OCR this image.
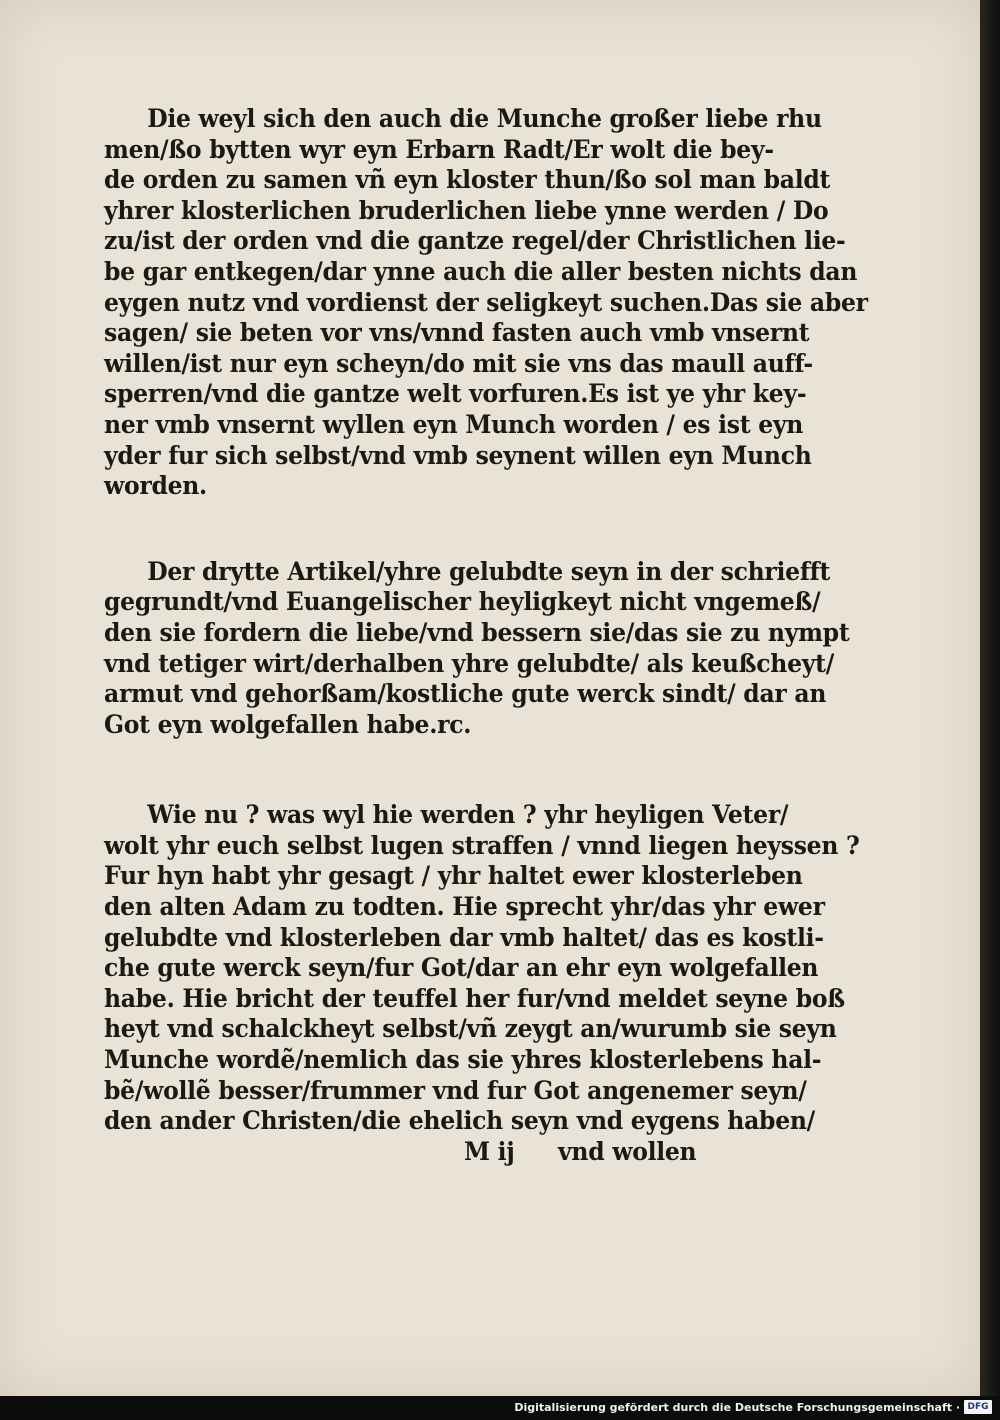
Die weyl sich den auch die Munche großer liebe rhu
men/ßo bytten wyr eyn Erbarn Radt/Er wolt die bey-
de orden zu samen vñ eyn kloster thun/ßo sol man baldt
yhrer klosterlichen bruderlichen liebe ynne werden / Do
zu/ist der orden vnd die gantze regel/der Christlichen lie-
be gar entkegen/dar ynne auch die aller besten nichts dan
eygen nutz vnd vordienst der seligkeyt suchen.Das sie aber
sagen/ sie beten vor vns/vnnd fasten auch vmb vnsernt
willen/ist nur eyn scheyn/do mit sie vns das maull auff-
sperren/vnd die gantze welt vorfuren.Es ist ye yhr key-
ner vmb vnsernt wyllen eyn Munch worden / es ist eyn
yder fur sich selbst/vnd vmb seynent willen eyn Munch
worden.
Der drytte Artikel/yhre gelubdte seyn in der schriefft
gegrundt/vnd Euangelischer heyligkeyt nicht vngemeß/
den sie fordern die liebe/vnd bessern sie/das sie zu nympt
vnd tetiger wirt/derhalben yhre gelubdte/ als keußcheyt/
armut vnd gehorßam/kostliche gute werck sindt/ dar an
Got eyn wolgefallen habe.rc.
Wie nu ? was wyl hie werden ? yhr heyligen Veter/
wolt yhr euch selbst lugen straffen / vnnd liegen heyssen ?
Fur hyn habt yhr gesagt / yhr haltet ewer klosterleben
den alten Adam zu todten. Hie sprecht yhr/das yhr ewer
gelubdte vnd klosterleben dar vmb haltet/ das es kostli-
che gute werck seyn/fur Got/dar an ehr eyn wolgefallen
habe. Hie bricht der teuffel her fur/vnd meldet seyne boß
heyt vnd schalckheyt selbst/vñ zeygt an/wurumb sie seyn
Munche wordẽ/nemlich das sie yhres klosterlebens hal-
bẽ/wollẽ besser/frummer vnd fur Got angenemer seyn/
den ander Christen/die ehelich seyn vnd eygens haben/
M ij vnd wollen
Digitalisierung gefördert durch die Deutsche Forschungsgemeinschaft · DFG
